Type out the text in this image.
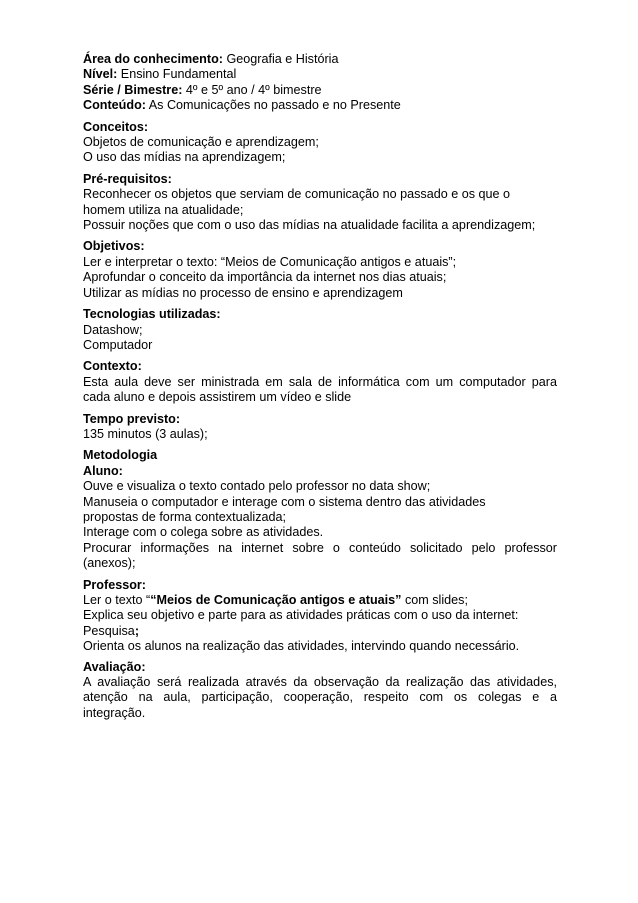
Área do conhecimento: Geografia e História
Nível: Ensino Fundamental
Série / Bimestre: 4º e 5º ano / 4º bimestre
Conteúdo: As Comunicações no passado e no Presente
Conceitos:
Objetos de comunicação e aprendizagem;
O uso das mídias na aprendizagem;
Pré-requisitos:
Reconhecer os objetos que serviam de comunicação no passado e os que o
homem utiliza na atualidade;
Possuir noções que com o uso das mídias na atualidade facilita a aprendizagem;
Objetivos:
Ler e interpretar o texto: “Meios de Comunicação antigos e atuais”;
Aprofundar o conceito da importância da internet nos dias atuais;
Utilizar as mídias no processo de ensino e aprendizagem
Tecnologias utilizadas:
Datashow;
Computador
Contexto:
Esta aula deve ser ministrada em sala de informática com um computador para
cada aluno e depois assistirem um vídeo e slide
Tempo previsto:
135 minutos (3 aulas);
Metodologia
Aluno:
Ouve e visualiza o texto contado pelo professor no data show;
Manuseia o computador e interage com o sistema dentro das atividades
propostas de forma contextualizada;
Interage com o colega sobre as atividades.
Procurar informações na internet sobre o conteúdo solicitado pelo professor
(anexos);
Professor:
Ler o texto ““Meios de Comunicação antigos e atuais” com slides;
Explica seu objetivo e parte para as atividades práticas com o uso da internet:
Pesquisa;
Orienta os alunos na realização das atividades, intervindo quando necessário.
Avaliação:
A avaliação será realizada através da observação da realização das atividades,
atenção na aula, participação, cooperação, respeito com os colegas e a
integração.
